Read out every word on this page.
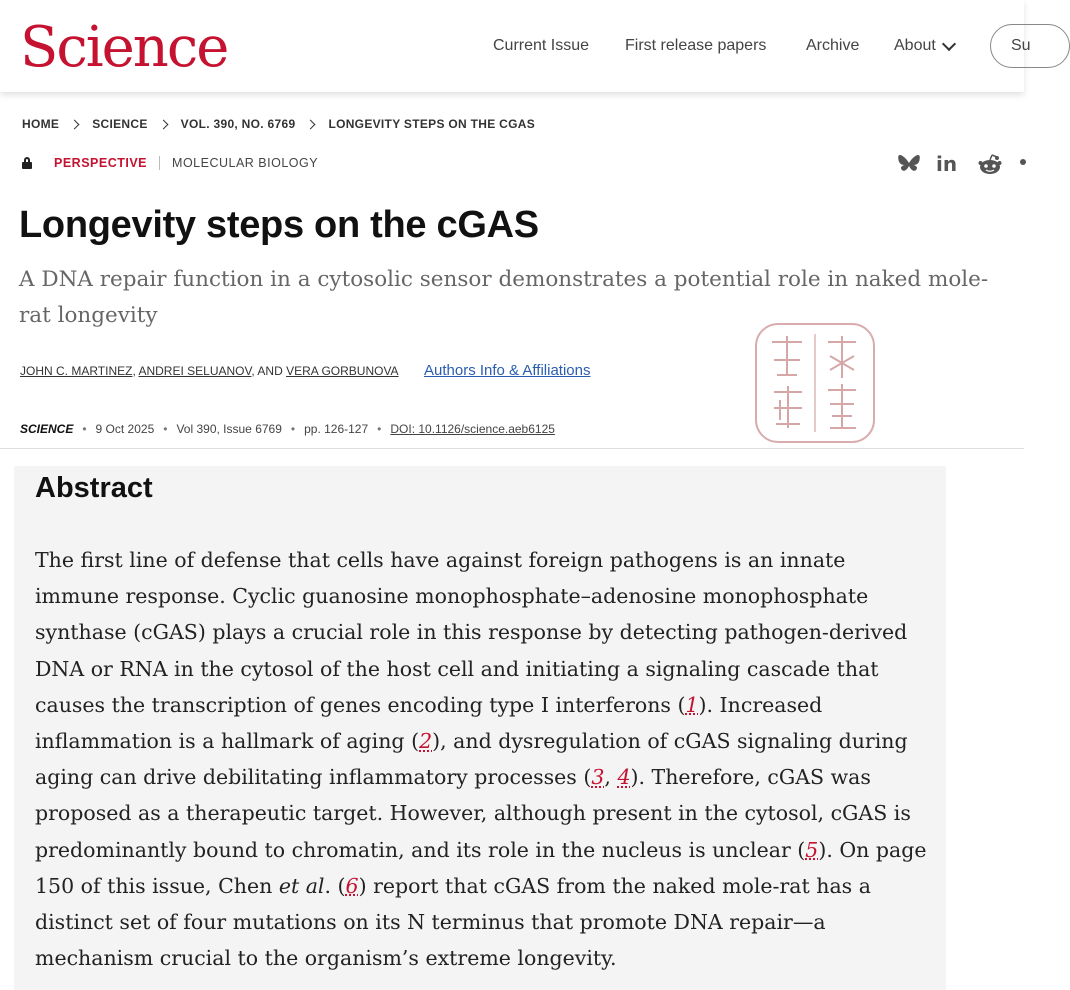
Science	Current Issue First release papers Archive About	Su
HOME	SCIENCE	VOL. 390, NO. 6769	LONGEVITY STEPS ON THE CGAS
PERSPECTIVE MOLECULAR BIOLOGY	in
Longevity steps on the cGAS

A DNA repair function in a cytosolic sensor demonstrates a potential role in naked mole-rat longevity

JOHN C. MARTINEZ, ANDREI SELUANOV, AND VERA GORBUNOVA Authors Info & Affiliations
SCIENCE • 9 Oct 2025 • Vol 390, Issue 6769 • pp. 126-127 • DOI: 10.1126/science.aeb6125
Abstract

The first line of defense that cells have against foreign pathogens is an innate immune response. Cyclic guanosine monophosphate–adenosine monophosphate synthase (cGAS) plays a crucial role in this response by detecting pathogen-derived DNA or RNA in the cytosol of the host cell and initiating a signaling cascade that causes the transcription of genes encoding type I interferons (1). Increased inflammation is a hallmark of aging (2), and dysregulation of cGAS signaling during aging can drive debilitating inflammatory processes (3, 4). Therefore, cGAS was proposed as a therapeutic target. However, although present in the cytosol, cGAS is predominantly bound to chromatin, and its role in the nucleus is unclear (5). On page 150 of this issue, Chen et al. (6) report that cGAS from the naked mole-rat has a distinct set of four mutations on its N terminus that promote DNA repair—a mechanism crucial to the organism’s extreme longevity.
